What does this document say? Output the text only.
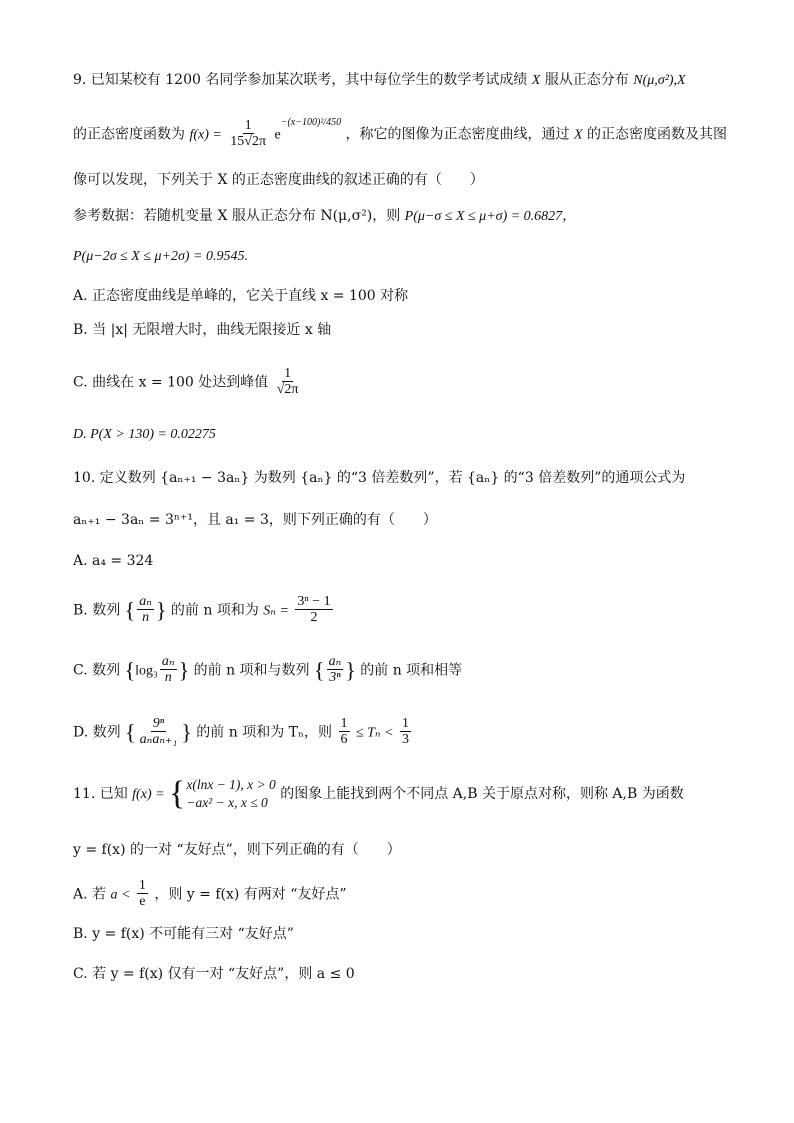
9. 已知某校有 1200 名同学参加某次联考，其中每位学生的数学考试成绩 X 服从正态分布 N(μ,σ²),X
的正态密度函数为 $f(x) = \frac{1}{15√2\pi} e^{-(x-100)^2/450}$ ，称它的图像为正态密度曲线，通过 X 的正态密度函数及其图
像可以发现，下列关于 X 的正态密度曲线的叙述正确的有（　　）
参考数据：若随机变量 X 服从正态分布 N(μ,σ²)，则 P(μ−σ ≤ X ≤ μ+σ) = 0.6827，
P(μ−2σ ≤ X ≤ μ+2σ) = 0.9545.
A. 正态密度曲线是单峰的，它关于直线 x = 100 对称
B. 当 |x| 无限增大时，曲线无限接近 x 轴
C. 曲线在 x = 100 处达到峰值 $\frac{1}{√2\pi}$
D. P(X > 130) = 0.02275
10. 定义数列 {aₙ₊₁ − 3aₙ} 为数列 {aₙ} 的“3 倍差数列”，若 {aₙ} 的“3 倍差数列”的通项公式为
aₙ₊₁ − 3aₙ = 3ⁿ⁺¹，且 a₁ = 3，则下列正确的有（　　）
A. a₄ = 324
B. 数列 { $\frac{\text{aₙ}}{n}$ } 的前 n 项和为 $S_n = \frac{\text{3ⁿ − 1}}{2}$
C. 数列 {$\log_3 \frac{\text{aₙ}}{n}$ } 的前 n 项和与数列 { $\frac{\text{aₙ}}{\text{3ⁿ}}$ } 的前 n 项和相等
D. 数列 { $\frac{\text{9ⁿ}}{\text{aₙaₙ₊₁}}$ } 的前 n 项和为 Tₙ，则 $\frac{1}{6} \le T_n < \frac{1}{3}$
11. 已知 f(x) = { x(lnx − 1), x > 0
−ax² − x, x ≤ 0
的图象上能找到两个不同点 A,B 关于原点对称，则称 A,B 为函数
y = f(x) 的一对 “友好点”，则下列正确的有（　　）
A. 若 $a < \frac{1}{e}$ ，则 y = f(x) 有两对 “友好点”
B. y = f(x) 不可能有三对 “友好点”
C. 若 y = f(x) 仅有一对 “友好点”，则 a ≤ 0
